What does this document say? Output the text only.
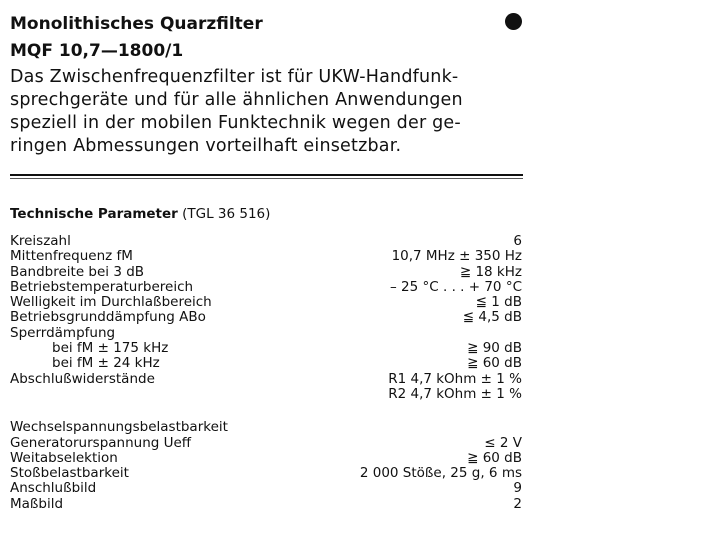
Monolithisches Quarzfilter
MQF 10,7—1800/1
Das Zwischenfrequenzfilter ist für UKW-Handfunk-
sprechgeräte und für alle ähnlichen Anwendungen
speziell in der mobilen Funktechnik wegen der ge-
ringen Abmessungen vorteilhaft einsetzbar.
Technische Parameter (TGL 36 516)
Kreiszahl	6
Mittenfrequenz fM	10,7 MHz ± 350 Hz
Bandbreite bei 3 dB	≧ 18 kHz
Betriebstemperaturbereich	– 25 °C . . . + 70 °C
Welligkeit im Durchlaßbereich	≦ 1 dB
Betriebsgrunddämpfung ABo	≦ 4,5 dB
Sperrdämpfung
bei fM ± 175 kHz	≧ 90 dB
bei fM ± 24 kHz	≧ 60 dB
Abschlußwiderstände	R1 4,7 kOhm ± 1 %
R2 4,7 kOhm ± 1 %
Wechselspannungsbelastbarkeit
Generatorurspannung Ueff	≤ 2 V
Weitabselektion	≧ 60 dB
Stoßbelastbarkeit	2 000 Stöße, 25 g, 6 ms
Anschlußbild	9
Maßbild	2
